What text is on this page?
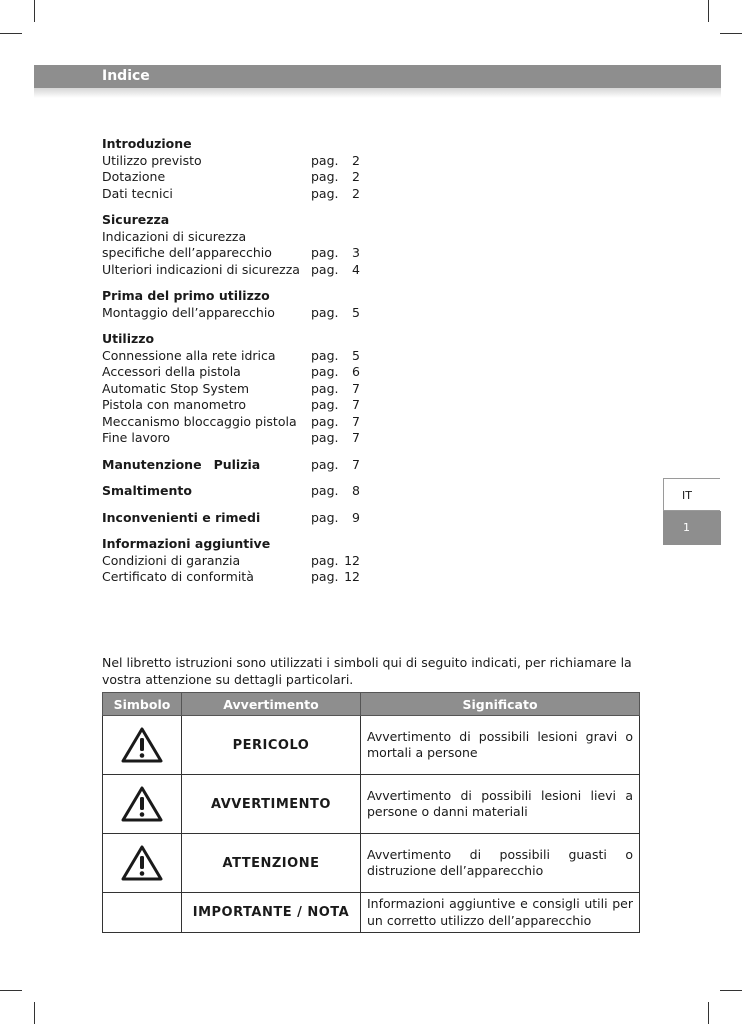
Indice
Introduzione
Utilizzo previsto	pag.	2
Dotazione	pag.	2
Dati tecnici	pag.	2
Sicurezza
Indicazioni di sicurezza
specifiche dell’apparecchio	pag.	3
Ulteriori indicazioni di sicurezza pag.	4
Prima del primo utilizzo
Montaggio dell’apparecchio	pag.	5
Utilizzo
Connessione alla rete idrica	pag.	5
Accessori della pistola	pag.	6
Automatic Stop System	pag.	7
Pistola con manometro	pag.	7
Meccanismo bloccaggio pistola pag.	7
Fine lavoro	pag.	7
Manutenzione Pulizia	pag.	7
Smaltimento	pag.	8
Inconvenienti e rimedi	pag.	9
Informazioni aggiuntive
Condizioni di garanzia	pag. 12
Certificato di conformità	pag. 12
IT
1
Nel libretto istruzioni sono utilizzati i simboli qui di seguito indicati, per richiamare la vostra attenzione su dettagli particolari.
Simbolo	Avvertimento	Significato

	PERICOLO	Avvertimento di possibili lesioni gravi o mortali a persone

	AVVERTIMENTO	Avvertimento di possibili lesioni lievi a persone o danni materiali

	ATTENZIONE	Avvertimento di possibili guasti o distruzione dell’apparecchio
	IMPORTANTE / NOTA	Informazioni aggiuntive e consigli utili per un corretto utilizzo dell’apparecchio
